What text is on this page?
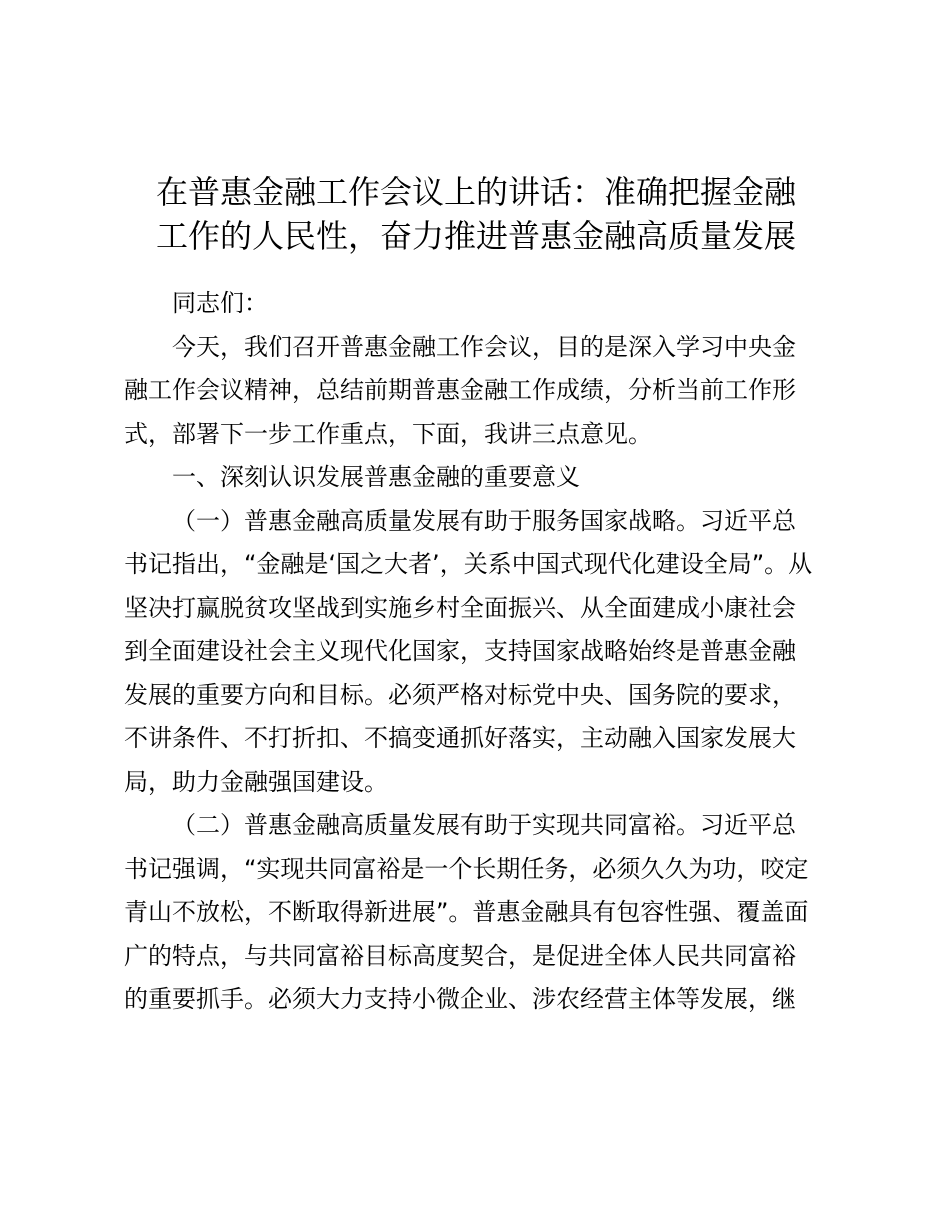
在普惠金融工作会议上的讲话：准确把握金融
工作的人民性，奋力推进普惠金融高质量发展

同志们：

今天，我们召开普惠金融工作会议，目的是深入学习中央金
融工作会议精神，总结前期普惠金融工作成绩，分析当前工作形
式，部署下一步工作重点，下面，我讲三点意见。

一、深刻认识发展普惠金融的重要意义

（一）普惠金融高质量发展有助于服务国家战略。习近平总
书记指出，“金融是‘国之大者’，关系中国式现代化建设全局”。从
坚决打赢脱贫攻坚战到实施乡村全面振兴、从全面建成小康社会
到全面建设社会主义现代化国家，支持国家战略始终是普惠金融
发展的重要方向和目标。必须严格对标党中央、国务院的要求，
不讲条件、不打折扣、不搞变通抓好落实，主动融入国家发展大
局，助力金融强国建设。

（二）普惠金融高质量发展有助于实现共同富裕。习近平总
书记强调，“实现共同富裕是一个长期任务，必须久久为功，咬定
青山不放松，不断取得新进展”。普惠金融具有包容性强、覆盖面
广的特点，与共同富裕目标高度契合，是促进全体人民共同富裕
的重要抓手。必须大力支持小微企业、涉农经营主体等发展，继
